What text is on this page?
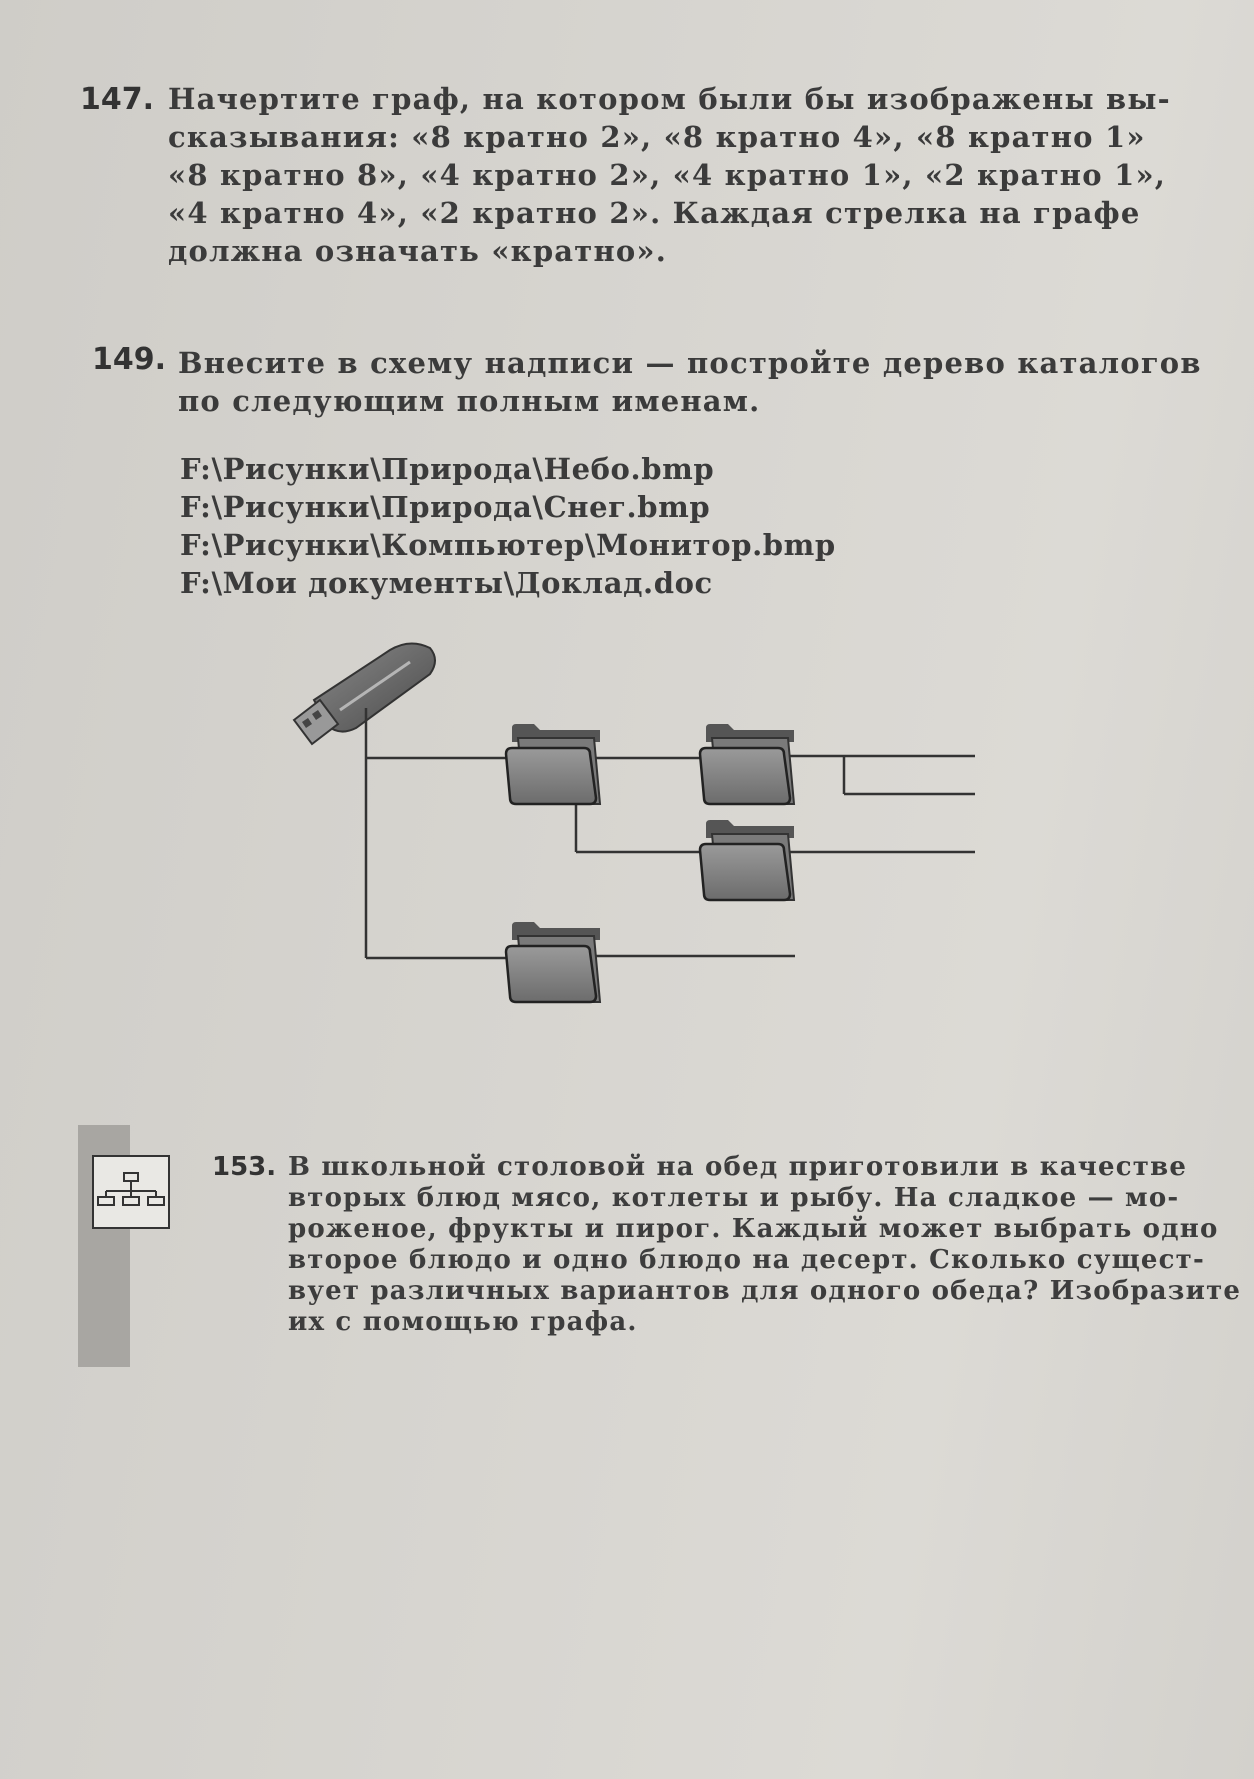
147. Начертите граф, на котором были бы изображены вы-
сказывания: «8 кратно 2», «8 кратно 4», «8 кратно 1»
«8 кратно 8», «4 кратно 2», «4 кратно 1», «2 кратно 1»,
«4 кратно 4», «2 кратно 2». Каждая стрелка на графе
должна означать «кратно».
149. Внесите в схему надписи — постройте дерево каталогов
по следующим полным именам.
F:\Рисунки\Природа\Небо.bmp
F:\Рисунки\Природа\Снег.bmp
F:\Рисунки\Компьютер\Монитор.bmp
F:\Мои документы\Доклад.doc
153. В школьной столовой на обед приготовили в качестве
вторых блюд мясо, котлеты и рыбу. На сладкое — мо-
роженое, фрукты и пирог. Каждый может выбрать одно
второе блюдо и одно блюдо на десерт. Сколько сущест-
вует различных вариантов для одного обеда? Изобразите
их с помощью графа.
